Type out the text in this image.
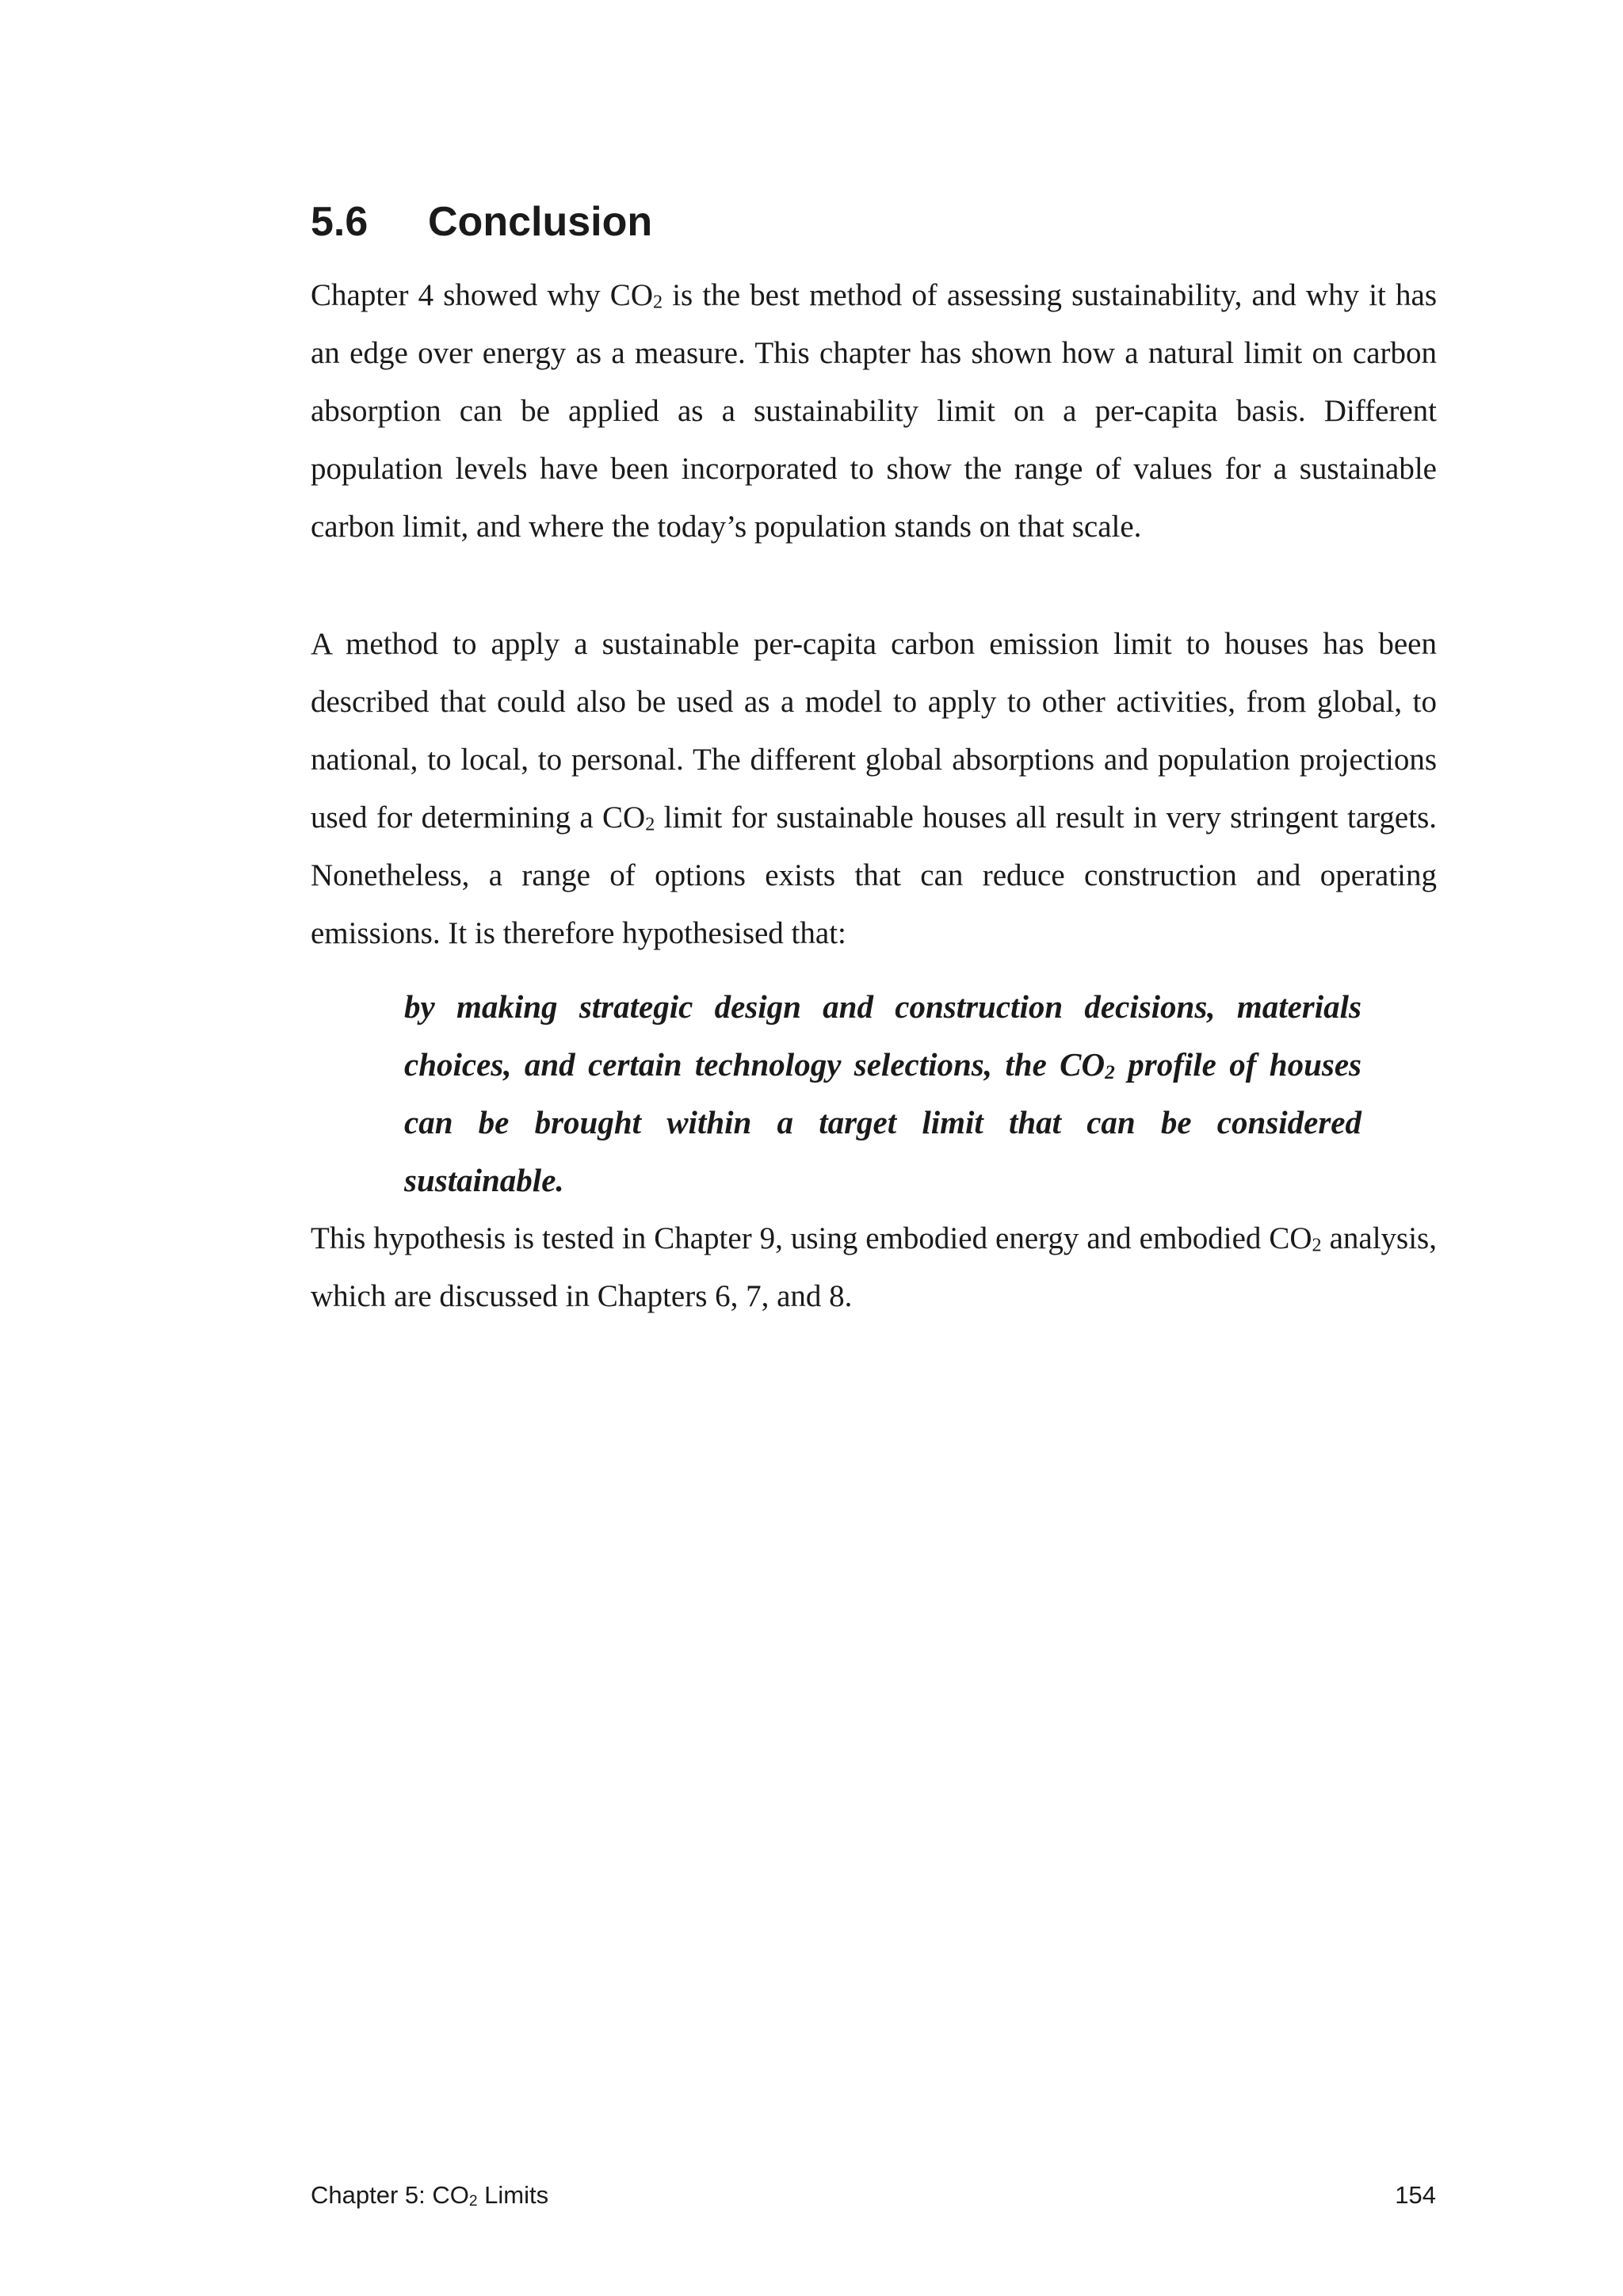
5.6 Conclusion

Chapter 4 showed why $CO_2$ is the best method of assessing sustainability, and why it has an edge over energy as a measure. This chapter has shown how a natural limit on carbon absorption can be applied as a sustainability limit on a per-capita basis. Different population levels have been incorporated to show the range of values for a sustainable carbon limit, and where the today’s population stands on that scale.

A method to apply a sustainable per-capita carbon emission limit to houses has been described that could also be used as a model to apply to other activities, from global, to national, to local, to personal. The different global absorptions and population projections used for determining a $CO_2$ limit for sustainable houses all result in very stringent targets. Nonetheless, a range of options exists that can reduce construction and operating emissions. It is therefore hypothesised that:

by making strategic design and construction decisions, materials choices, and certain technology selections, the $CO_2$ profile of houses can be brought within a target limit that can be considered sustainable.

This hypothesis is tested in Chapter 9, using embodied energy and embodied $CO_2$ analysis, which are discussed in Chapters 6, 7, and 8.

Chapter 5: $CO_2$ Limits	154
